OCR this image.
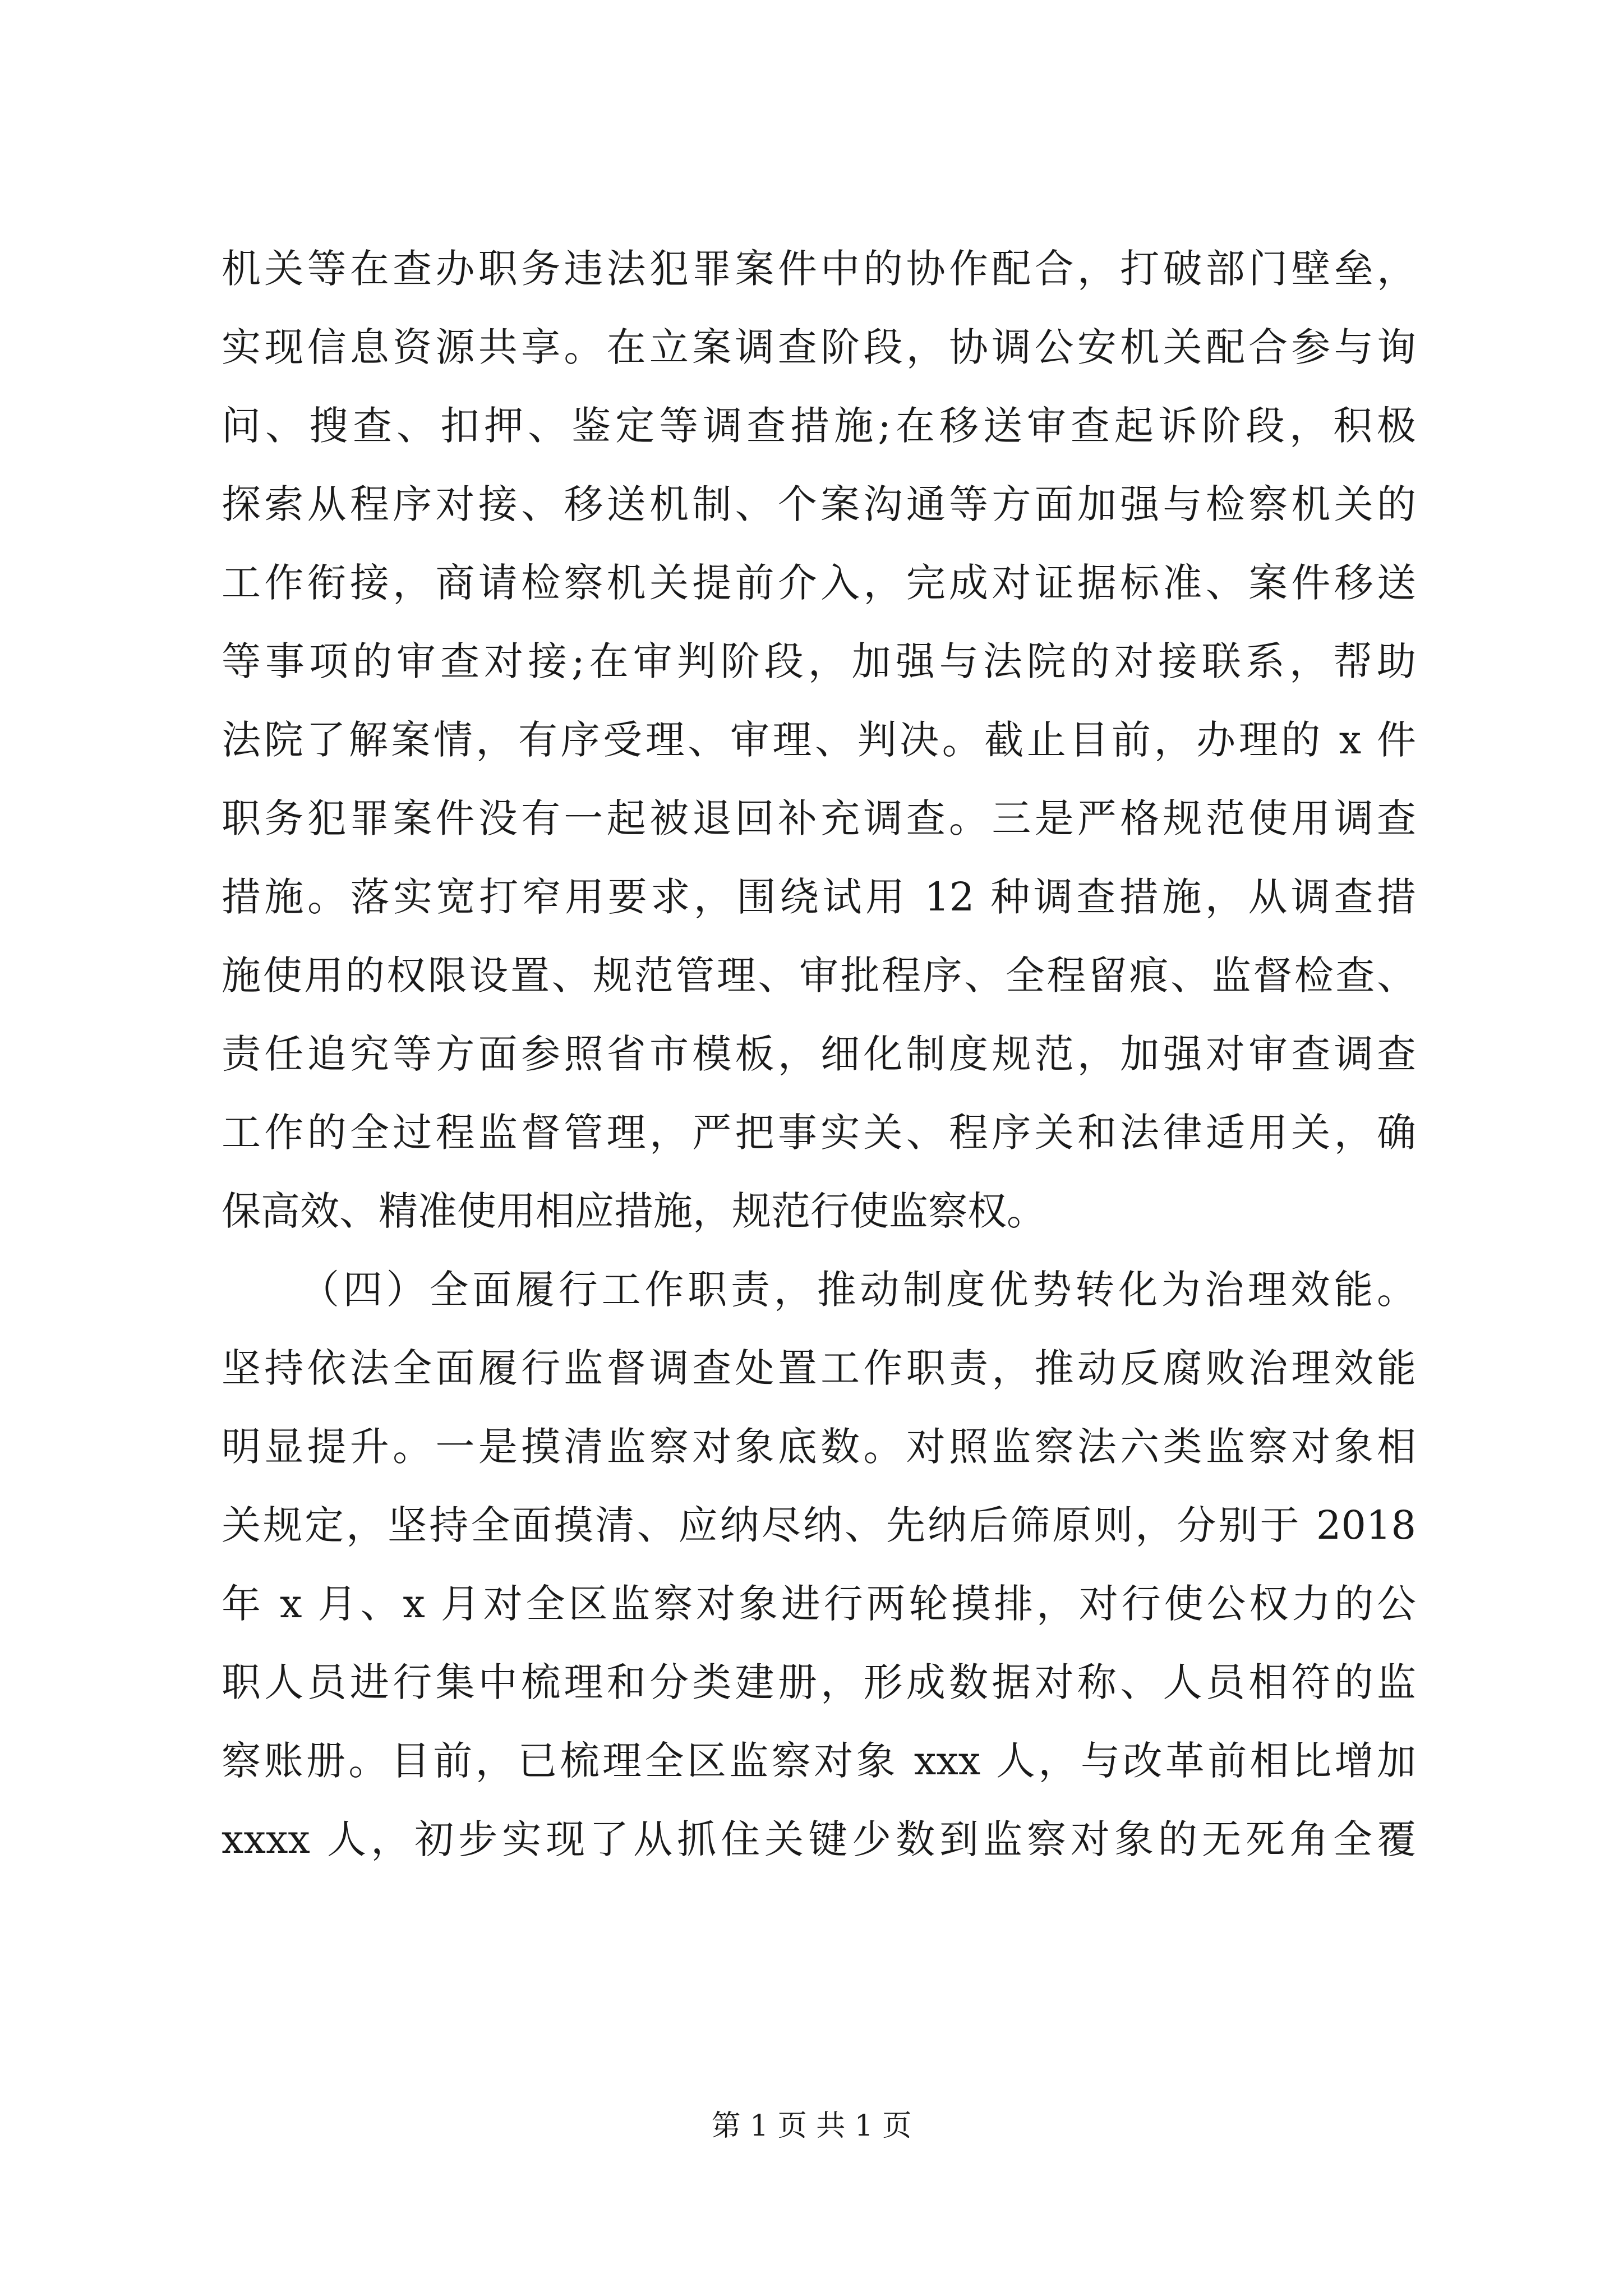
机关等在查办职务违法犯罪案件中的协作配合，打破部门壁垒，
实现信息资源共享。在立案调查阶段，协调公安机关配合参与询
问、搜查、扣押、鉴定等调查措施;在移送审查起诉阶段，积极
探索从程序对接、移送机制、个案沟通等方面加强与检察机关的
工作衔接，商请检察机关提前介入，完成对证据标准、案件移送
等事项的审查对接;在审判阶段，加强与法院的对接联系，帮助
法院了解案情，有序受理、审理、判决。截止目前，办理的 x 件
职务犯罪案件没有一起被退回补充调查。三是严格规范使用调查
措施。落实宽打窄用要求，围绕试用 12 种调查措施，从调查措
施使用的权限设置、规范管理、审批程序、全程留痕、监督检查、
责任追究等方面参照省市模板，细化制度规范，加强对审查调查
工作的全过程监督管理，严把事实关、程序关和法律适用关，确
保高效、精准使用相应措施，规范行使监察权。
（四）全面履行工作职责，推动制度优势转化为治理效能。
坚持依法全面履行监督调查处置工作职责，推动反腐败治理效能
明显提升。一是摸清监察对象底数。对照监察法六类监察对象相
关规定，坚持全面摸清、应纳尽纳、先纳后筛原则，分别于 2018
年 x 月、x 月对全区监察对象进行两轮摸排，对行使公权力的公
职人员进行集中梳理和分类建册，形成数据对称、人员相符的监
察账册。目前，已梳理全区监察对象 xxx 人，与改革前相比增加
xxxx 人，初步实现了从抓住关键少数到监察对象的无死角全覆
第 1 页 共 1 页
